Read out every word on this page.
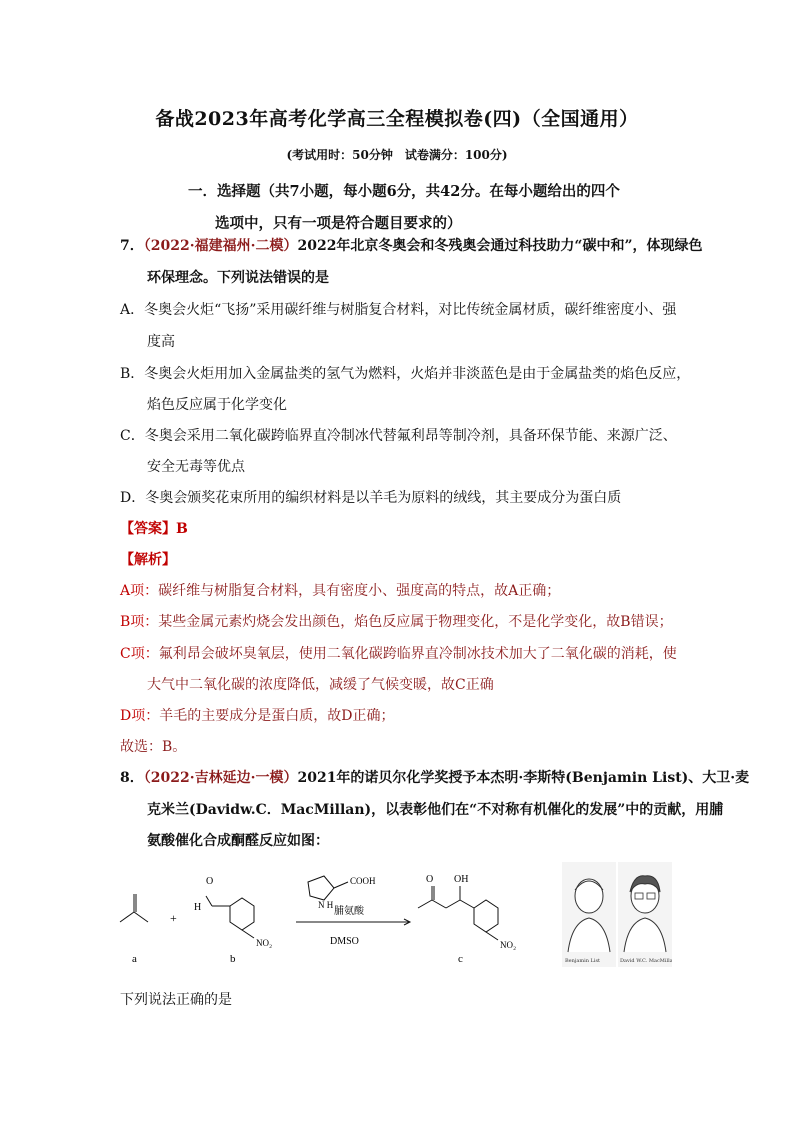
备战2023年高考化学高三全程模拟卷(四)（全国通用）
(考试用时：50分钟　试卷满分：100分)
一．选择题（共7小题，每小题6分，共42分。在每小题给出的四个
选项中，只有一项是符合题目要求的）
7．（2022·福建福州·二模）2022年北京冬奥会和冬残奥会通过科技助力“碳中和”，体现绿色
环保理念。下列说法错误的是
A．冬奥会火炬“飞扬”采用碳纤维与树脂复合材料，对比传统金属材质，碳纤维密度小、强
度高
B．冬奥会火炬用加入金属盐类的氢气为燃料，火焰并非淡蓝色是由于金属盐类的焰色反应，
焰色反应属于化学变化
C．冬奥会采用二氧化碳跨临界直冷制冰代替氟利昂等制冷剂，具备环保节能、来源广泛、
安全无毒等优点
D．冬奥会颁奖花束所用的编织材料是以羊毛为原料的绒线，其主要成分为蛋白质
【答案】B
【解析】
A项：碳纤维与树脂复合材料，具有密度小、强度高的特点，故A正确；
B项：某些金属元素灼烧会发出颜色，焰色反应属于物理变化，不是化学变化，故B错误；
C项：氟利昂会破坏臭氧层，使用二氧化碳跨临界直冷制冰技术加大了二氧化碳的消耗，使
大气中二氧化碳的浓度降低，减缓了气候变暖，故C正确
D项：羊毛的主要成分是蛋白质，故D正确；
故选：B。
8．（2022·吉林延边·一模）2021年的诺贝尔化学奖授予本杰明·李斯特(Benjamin List)、大卫·麦
克米兰(Davidw.C．MacMillan)，以表彰他们在“不对称有机催化的发展”中的贡献，用脯
氨酸催化合成酮醛反应如图：
a
+
O
H
NO₂
b
COOH
N H
脯氨酸
DMSO
O OH
NO₂
c	Benjamin List	David W.C. MacMillan
下列说法正确的是
